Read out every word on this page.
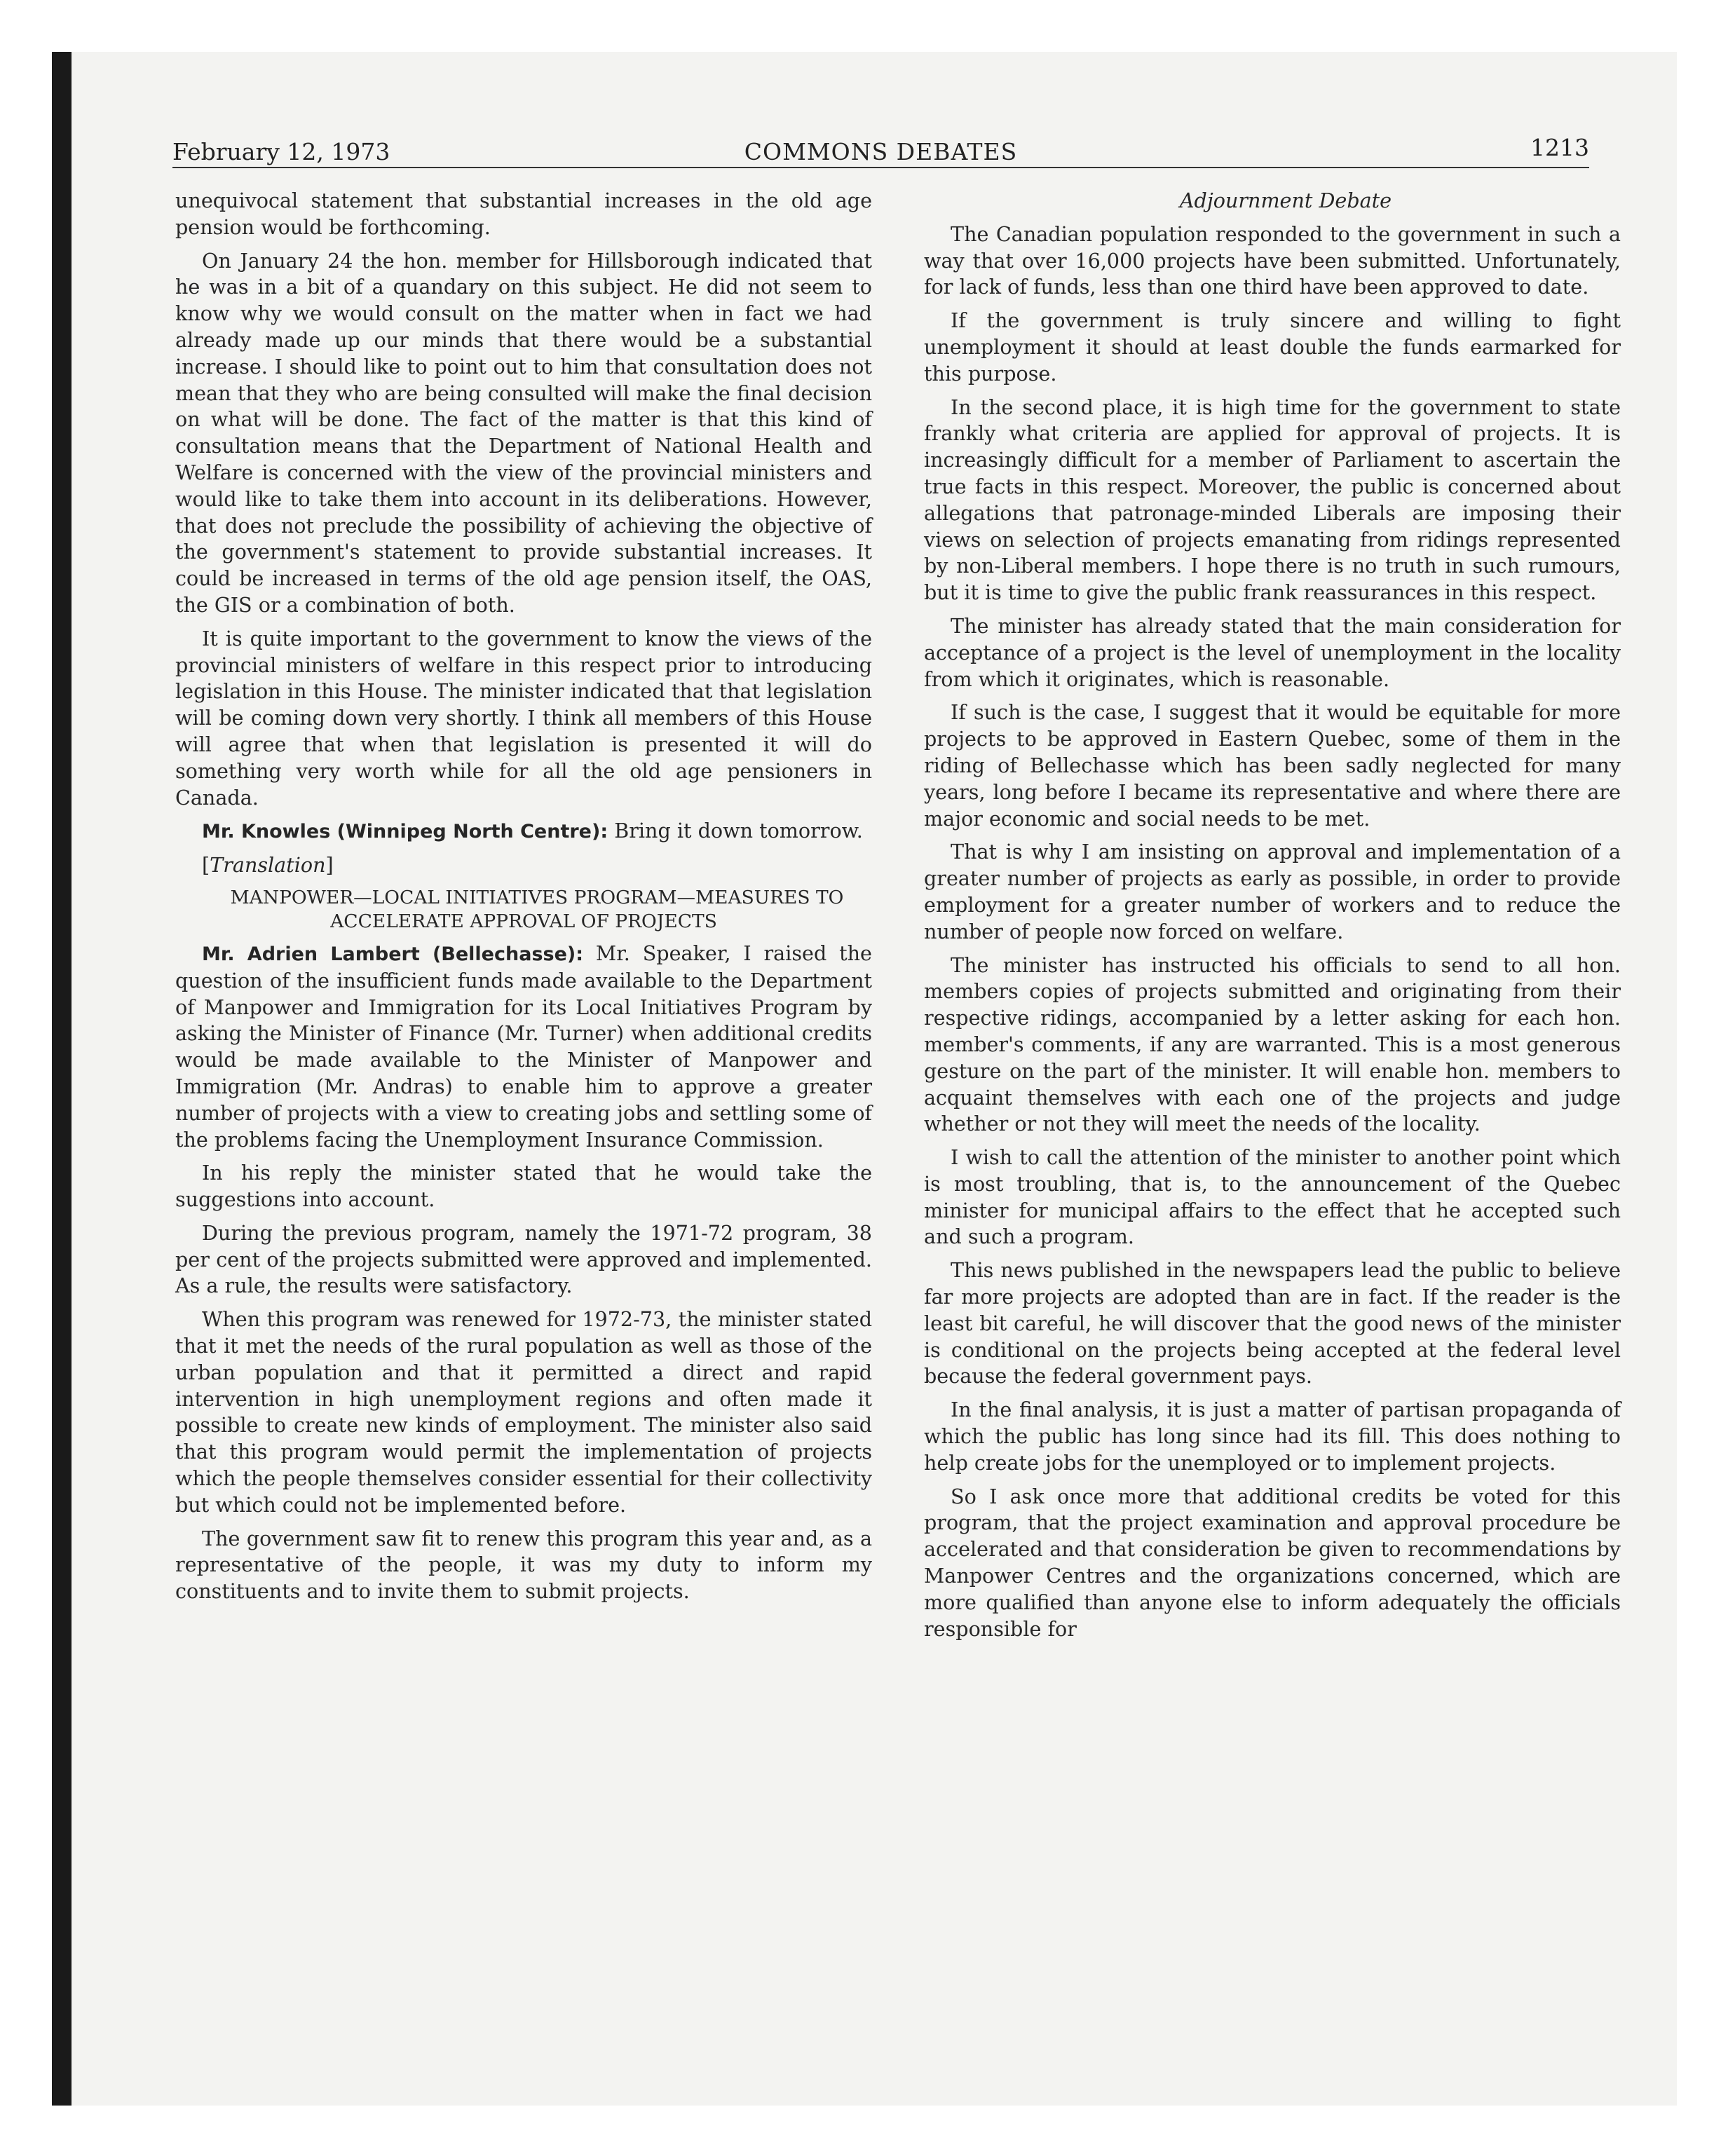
February 12, 1973	COMMONS DEBATES	1213

unequivocal statement that substantial increases in the old age pension would be forthcoming.

On January 24 the hon. member for Hillsborough indicated that he was in a bit of a quandary on this subject. He did not seem to know why we would consult on the matter when in fact we had already made up our minds that there would be a substantial increase. I should like to point out to him that consultation does not mean that they who are being consulted will make the final decision on what will be done. The fact of the matter is that this kind of consultation means that the Department of National Health and Welfare is concerned with the view of the provincial ministers and would like to take them into account in its deliberations. However, that does not preclude the possibility of achieving the objective of the government's statement to provide substantial increases. It could be increased in terms of the old age pension itself, the OAS, the GIS or a combination of both.

It is quite important to the government to know the views of the provincial ministers of welfare in this respect prior to introducing legislation in this House. The minister indicated that that legislation will be coming down very shortly. I think all members of this House will agree that when that legislation is presented it will do something very worth while for all the old age pensioners in Canada.

Mr. Knowles (Winnipeg North Centre): Bring it down tomorrow.

[Translation]

MANPOWER—LOCAL INITIATIVES PROGRAM—MEASURES TO ACCELERATE APPROVAL OF PROJECTS

Mr. Adrien Lambert (Bellechasse): Mr. Speaker, I raised the question of the insufficient funds made available to the Department of Manpower and Immigration for its Local Initiatives Program by asking the Minister of Finance (Mr. Turner) when additional credits would be made available to the Minister of Manpower and Immigration (Mr. Andras) to enable him to approve a greater number of projects with a view to creating jobs and settling some of the problems facing the Unemployment Insurance Commission.

In his reply the minister stated that he would take the suggestions into account.

During the previous program, namely the 1971-72 program, 38 per cent of the projects submitted were approved and implemented. As a rule, the results were satisfactory.

When this program was renewed for 1972-73, the minister stated that it met the needs of the rural population as well as those of the urban population and that it permitted a direct and rapid intervention in high unemployment regions and often made it possible to create new kinds of employment. The minister also said that this program would permit the implementation of projects which the people themselves consider essential for their collectivity but which could not be implemented before.

The government saw fit to renew this program this year and, as a representative of the people, it was my duty to inform my constituents and to invite them to submit projects.

Adjournment Debate

The Canadian population responded to the government in such a way that over 16,000 projects have been submitted. Unfortunately, for lack of funds, less than one third have been approved to date.

If the government is truly sincere and willing to fight unemployment it should at least double the funds earmarked for this purpose.

In the second place, it is high time for the government to state frankly what criteria are applied for approval of projects. It is increasingly difficult for a member of Parliament to ascertain the true facts in this respect. Moreover, the public is concerned about allegations that patronage-minded Liberals are imposing their views on selection of projects emanating from ridings represented by non-Liberal members. I hope there is no truth in such rumours, but it is time to give the public frank reassurances in this respect.

The minister has already stated that the main consideration for acceptance of a project is the level of unemployment in the locality from which it originates, which is reasonable.

If such is the case, I suggest that it would be equitable for more projects to be approved in Eastern Quebec, some of them in the riding of Bellechasse which has been sadly neglected for many years, long before I became its representative and where there are major economic and social needs to be met.

That is why I am insisting on approval and implementation of a greater number of projects as early as possible, in order to provide employment for a greater number of workers and to reduce the number of people now forced on welfare.

The minister has instructed his officials to send to all hon. members copies of projects submitted and originating from their respective ridings, accompanied by a letter asking for each hon. member's comments, if any are warranted. This is a most generous gesture on the part of the minister. It will enable hon. members to acquaint themselves with each one of the projects and judge whether or not they will meet the needs of the locality.

I wish to call the attention of the minister to another point which is most troubling, that is, to the announcement of the Quebec minister for municipal affairs to the effect that he accepted such and such a program.

This news published in the newspapers lead the public to believe far more projects are adopted than are in fact. If the reader is the least bit careful, he will discover that the good news of the minister is conditional on the projects being accepted at the federal level because the federal government pays.

In the final analysis, it is just a matter of partisan propaganda of which the public has long since had its fill. This does nothing to help create jobs for the unemployed or to implement projects.

So I ask once more that additional credits be voted for this program, that the project examination and approval procedure be accelerated and that consideration be given to recommendations by Manpower Centres and the organizations concerned, which are more qualified than anyone else to inform adequately the officials responsible for
